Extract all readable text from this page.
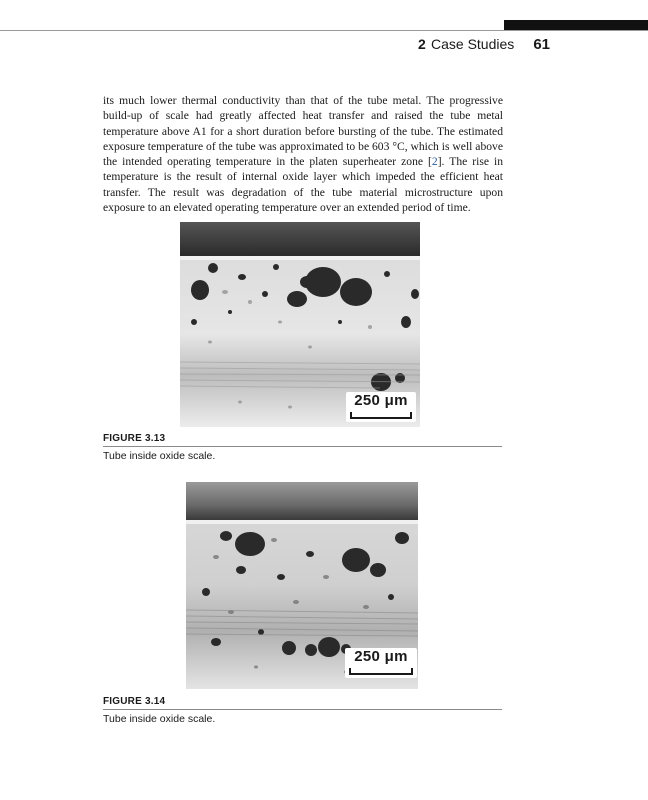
2 Case Studies 61

its much lower thermal conductivity than that of the tube metal. The progressive build-up of scale had greatly affected heat transfer and raised the tube metal temperature above A1 for a short duration before bursting of the tube. The estimated exposure temperature of the tube was approximated to be 603 °C, which is well above the intended operating temperature in the platen superheater zone [2]. The rise in temperature is the result of internal oxide layer which impeded the efficient heat transfer. The result was degradation of the tube material microstructure upon exposure to an elevated operating temperature over an extended period of time.

250 μm
FIGURE 3.13
Tube inside oxide scale.
250 μm
FIGURE 3.14
Tube inside oxide scale.
